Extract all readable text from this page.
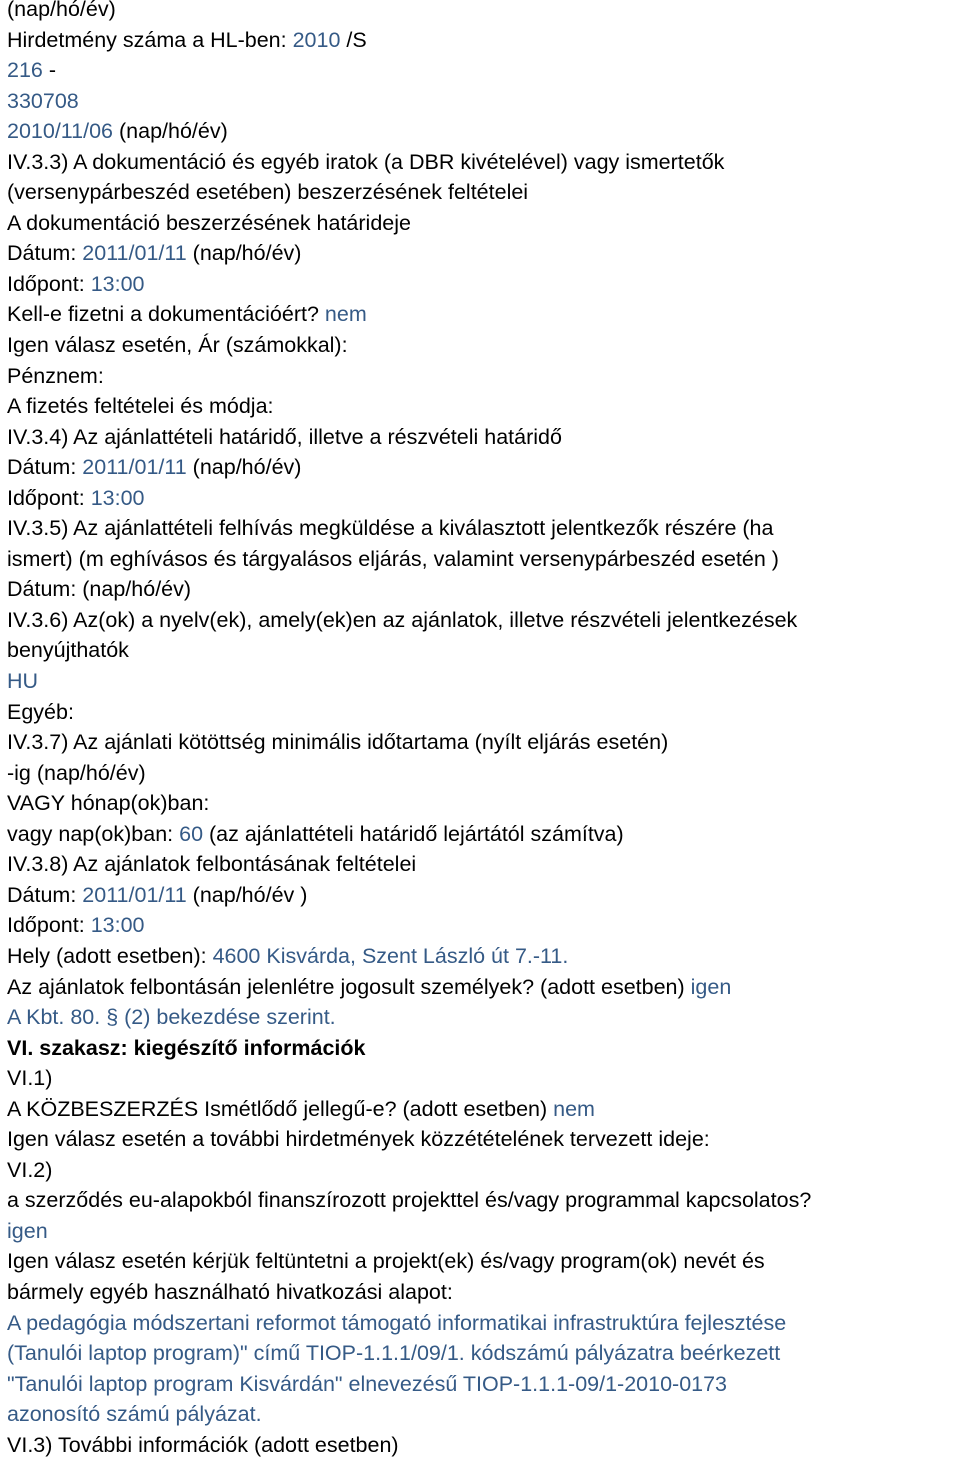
(nap/hó/év)
Hirdetmény száma a HL-ben: 2010 /S
216 -
330708
2010/11/06 (nap/hó/év)
IV.3.3) A dokumentáció és egyéb iratok (a DBR kivételével) vagy ismertetők
(versenypárbeszéd esetében) beszerzésének feltételei
A dokumentáció beszerzésének határideje
Dátum: 2011/01/11 (nap/hó/év)
Időpont: 13:00
Kell-e fizetni a dokumentációért? nem
Igen válasz esetén, Ár (számokkal):
Pénznem:
A fizetés feltételei és módja:
IV.3.4) Az ajánlattételi határidő, illetve a részvételi határidő
Dátum: 2011/01/11 (nap/hó/év)
Időpont: 13:00
IV.3.5) Az ajánlattételi felhívás megküldése a kiválasztott jelentkezők részére (ha
ismert) (m eghívásos és tárgyalásos eljárás, valamint versenypárbeszéd esetén )
Dátum: (nap/hó/év)
IV.3.6) Az(ok) a nyelv(ek), amely(ek)en az ajánlatok, illetve részvételi jelentkezések
benyújthatók
HU
Egyéb:
IV.3.7) Az ajánlati kötöttség minimális időtartama (nyílt eljárás esetén)
-ig (nap/hó/év)
VAGY hónap(ok)ban:
vagy nap(ok)ban: 60 (az ajánlattételi határidő lejártától számítva)
IV.3.8) Az ajánlatok felbontásának feltételei
Dátum: 2011/01/11 (nap/hó/év )
Időpont: 13:00
Hely (adott esetben): 4600 Kisvárda, Szent László út 7.-11.
Az ajánlatok felbontásán jelenlétre jogosult személyek? (adott esetben) igen
A Kbt. 80. § (2) bekezdése szerint.
VI. szakasz: kiegészítő információk
VI.1)
A KÖZBESZERZÉS Ismétlődő jellegű-e? (adott esetben) nem
Igen válasz esetén a további hirdetmények közzétételének tervezett ideje:
VI.2)
a szerződés eu-alapokból finanszírozott projekttel és/vagy programmal kapcsolatos?
igen
Igen válasz esetén kérjük feltüntetni a projekt(ek) és/vagy program(ok) nevét és
bármely egyéb használható hivatkozási alapot:
A pedagógia módszertani reformot támogató informatikai infrastruktúra fejlesztése
(Tanulói laptop program)" című TIOP-1.1.1/09/1. kódszámú pályázatra beérkezett
"Tanulói laptop program Kisvárdán" elnevezésű TIOP-1.1.1-09/1-2010-0173
azonosító számú pályázat.
VI.3) További információk (adott esetben)
